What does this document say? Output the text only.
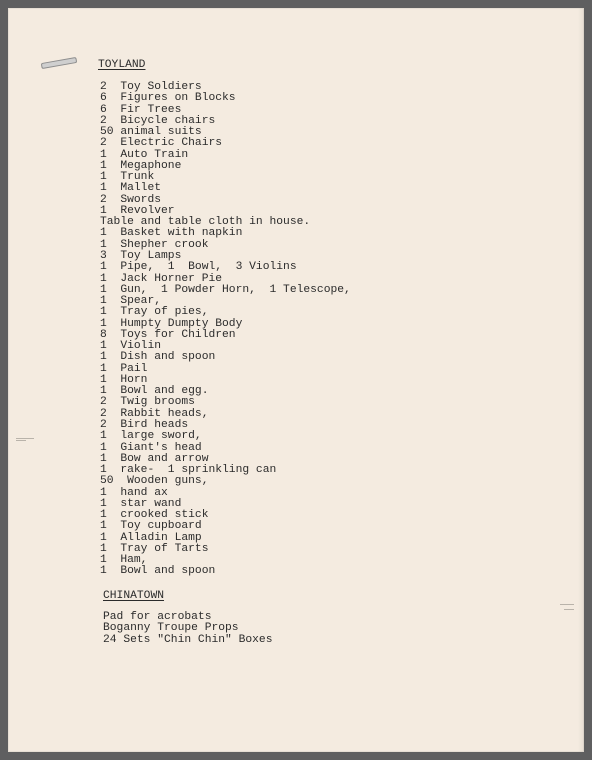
TOYLAND
2  Toy Soldiers
6  Figures on Blocks
6  Fir Trees
2  Bicycle chairs
50 animal suits
2  Electric Chairs
1  Auto Train
1  Megaphone
1  Trunk
1  Mallet
2  Swords
1  Revolver
Table and table cloth in house.
1  Basket with napkin
1  Shepher crook
3  Toy Lamps
1  Pipe,  1  Bowl,  3 Violins
1  Jack Horner Pie
1  Gun,  1 Powder Horn,  1 Telescope,
1  Spear,
1  Tray of pies,
1  Humpty Dumpty Body
8  Toys for Children
1  Violin
1  Dish and spoon
1  Pail
1  Horn
1  Bowl and egg.
2  Twig brooms
2  Rabbit heads,
2  Bird heads
1  large sword,
1  Giant's head
1  Bow and arrow
1  rake-  1 sprinkling can
50  Wooden guns,
1  hand ax
1  star wand
1  crooked stick
1  Toy cupboard
1  Alladin Lamp
1  Tray of Tarts
1  Ham,
1  Bowl and spoon
CHINATOWN
Pad for acrobats
Boganny Troupe Props
24 Sets "Chin Chin" Boxes
